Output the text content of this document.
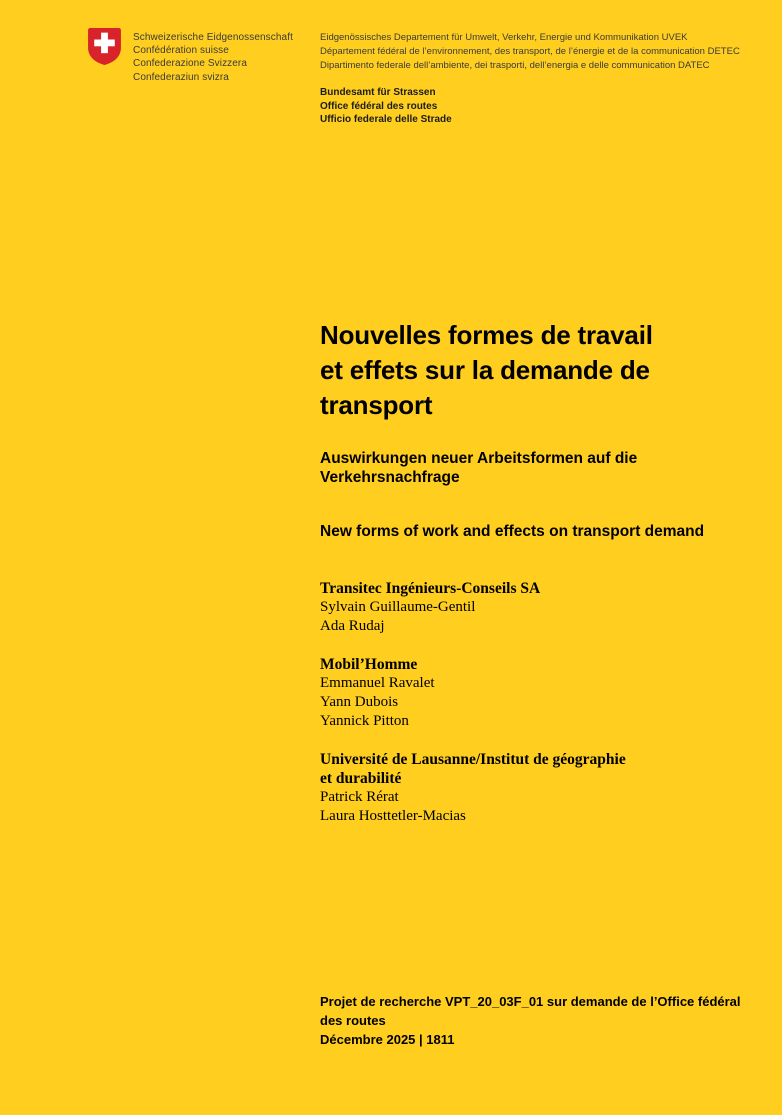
Schweizerische Eidgenossenschaft
Confédération suisse
Confederazione Svizzera
Confederaziun svizra
Eidgenössisches Departement für Umwelt, Verkehr, Energie und Kommunikation UVEK
Département fédéral de l’environnement, des transport, de l’énergie et de la communication DETEC
Dipartimento federale dell’ambiente, dei trasporti, dell’energia e delle communication DATEC
Bundesamt für Strassen
Office fédéral des routes
Ufficio federale delle Strade
Nouvelles formes de travail
et effets sur la demande de
transport
Auswirkungen neuer Arbeitsformen auf die
Verkehrsnachfrage
New forms of work and effects on transport demand
Transitec Ingénieurs-Conseils SA
Sylvain Guillaume-Gentil
Ada Rudaj
Mobil’Homme
Emmanuel Ravalet
Yann Dubois
Yannick Pitton
Université de Lausanne/Institut de géographie
et durabilité
Patrick Rérat
Laura Hosttetler-Macias
Projet de recherche VPT_20_03F_01 sur demande de l’Office fédéral
des routes
Décembre 2025 | 1811
